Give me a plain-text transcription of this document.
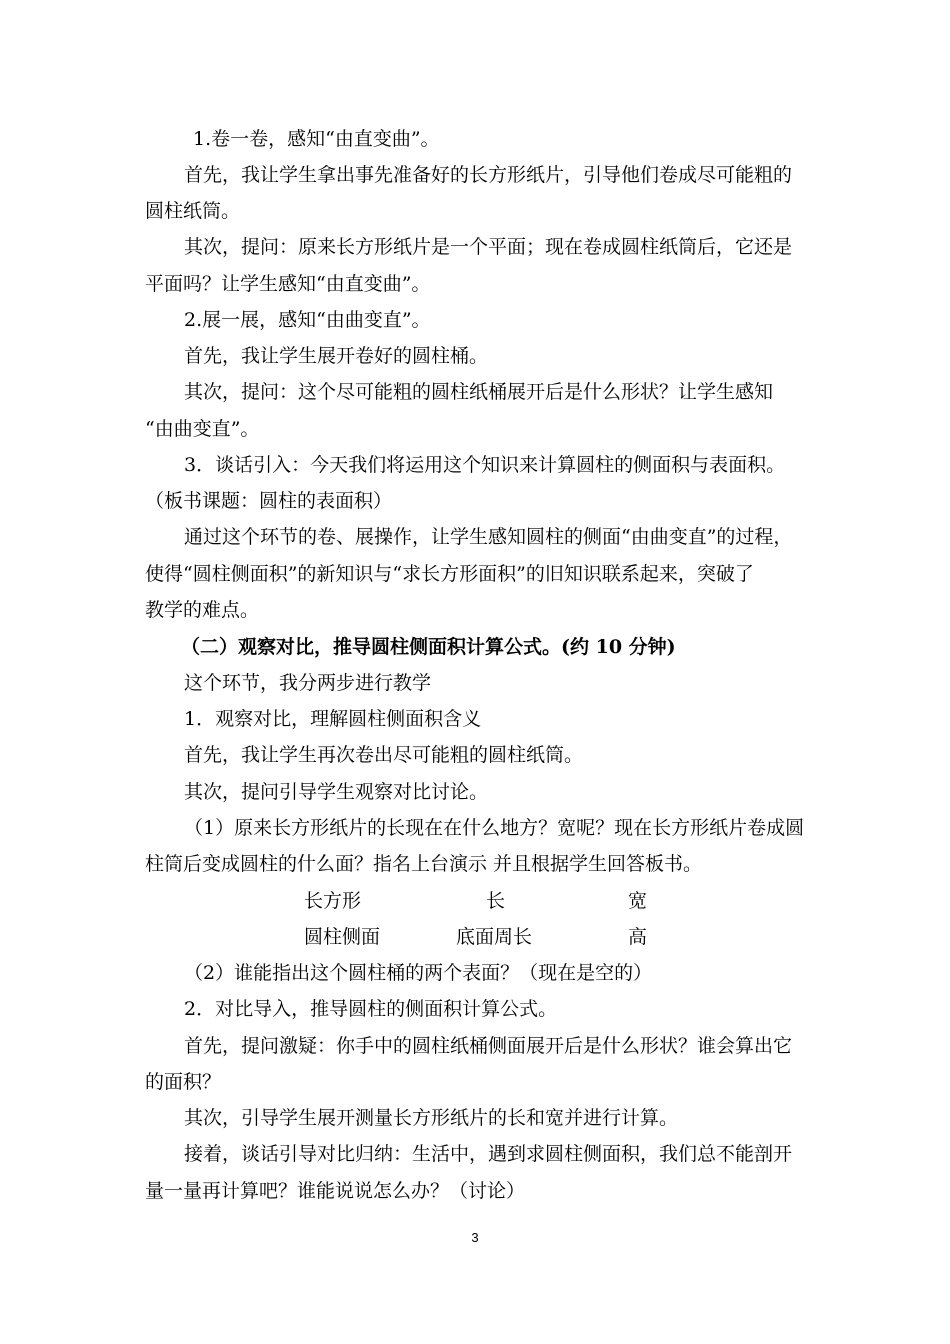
1.卷一卷，感知“由直变曲”。
首先，我让学生拿出事先准备好的长方形纸片，引导他们卷成尽可能粗的
圆柱纸筒。
其次，提问：原来长方形纸片是一个平面；现在卷成圆柱纸筒后，它还是
平面吗？让学生感知“由直变曲”。
2.展一展，感知“由曲变直”。
首先，我让学生展开卷好的圆柱桶。
其次，提问：这个尽可能粗的圆柱纸桶展开后是什么形状？让学生感知
“由曲变直”。
3．谈话引入：今天我们将运用这个知识来计算圆柱的侧面积与表面积。
（板书课题：圆柱的表面积）
通过这个环节的卷、展操作，让学生感知圆柱的侧面“由曲变直”的过程，
使得“圆柱侧面积”的新知识与“求长方形面积”的旧知识联系起来，突破了
教学的难点。
（二）观察对比，推导圆柱侧面积计算公式。(约 10 分钟)
这个环节，我分两步进行教学
1．观察对比，理解圆柱侧面积含义
首先，我让学生再次卷出尽可能粗的圆柱纸筒。
其次，提问引导学生观察对比讨论。
（1）原来长方形纸片的长现在在什么地方？宽呢？现在长方形纸片卷成圆
柱筒后变成圆柱的什么面？指名上台演示 并且根据学生回答板书。
长方形	长	宽
圆柱侧面	底面周长	高
（2）谁能指出这个圆柱桶的两个表面？（现在是空的）
2．对比导入，推导圆柱的侧面积计算公式。
首先，提问激疑：你手中的圆柱纸桶侧面展开后是什么形状？谁会算出它
的面积？
其次，引导学生展开测量长方形纸片的长和宽并进行计算。
接着，谈话引导对比归纳：生活中，遇到求圆柱侧面积，我们总不能剖开
量一量再计算吧？谁能说说怎么办？（讨论）
3
